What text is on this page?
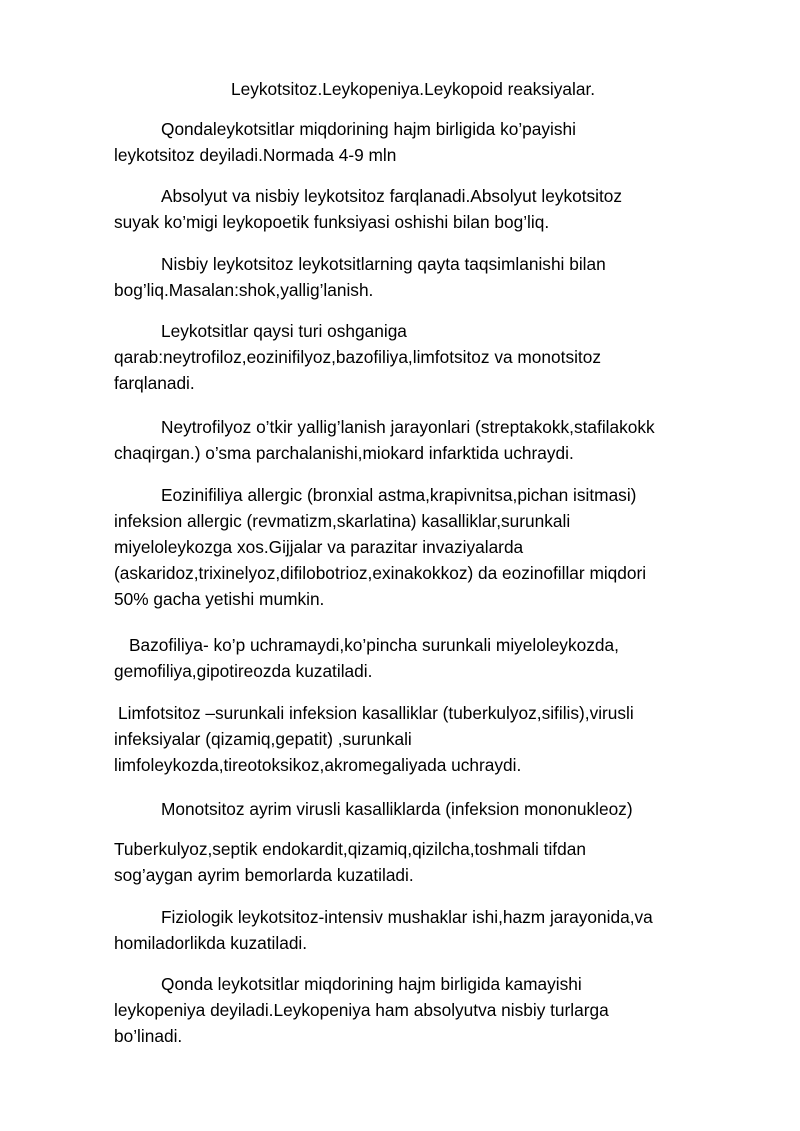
Leykotsitoz.Leykopeniya.Leykopoid reaksiyalar.
Qondaleykotsitlar miqdorining hajm birligida ko’payishi
leykotsitoz deyiladi.Normada 4-9 mln
Absolyut va nisbiy leykotsitoz farqlanadi.Absolyut leykotsitoz
suyak ko’migi leykopoetik funksiyasi oshishi bilan bog’liq.
Nisbiy leykotsitoz leykotsitlarning qayta taqsimlanishi bilan
bog’liq.Masalan:shok,yallig’lanish.
Leykotsitlar qaysi turi oshganiga
qarab:neytrofiloz,eozinifilyoz,bazofiliya,limfotsitoz va monotsitoz
farqlanadi.
Neytrofilyoz o’tkir yallig’lanish jarayonlari (streptakokk,stafilakokk
chaqirgan.) o’sma parchalanishi,miokard infarktida uchraydi.
Eozinifiliya allergic (bronxial astma,krapivnitsa,pichan isitmasi)
infeksion allergic (revmatizm,skarlatina) kasalliklar,surunkali
miyeloleykozga xos.Gijjalar va parazitar invaziyalarda
(askaridoz,trixinelyoz,difilobotrioz,exinakokkoz) da eozinofillar miqdori
50% gacha yetishi mumkin.
Bazofiliya- ko’p uchramaydi,ko’pincha surunkali miyeloleykozda,
gemofiliya,gipotireozda kuzatiladi.
Limfotsitoz –surunkali infeksion kasalliklar (tuberkulyoz,sifilis),virusli
infeksiyalar (qizamiq,gepatit) ,surunkali
limfoleykozda,tireotoksikoz,akromegaliyada uchraydi.
Monotsitoz ayrim virusli kasalliklarda (infeksion mononukleoz)
Tuberkulyoz,septik endokardit,qizamiq,qizilcha,toshmali tifdan
sog’aygan ayrim bemorlarda kuzatiladi.
Fiziologik leykotsitoz-intensiv mushaklar ishi,hazm jarayonida,va
homiladorlikda kuzatiladi.
Qonda leykotsitlar miqdorining hajm birligida kamayishi
leykopeniya deyiladi.Leykopeniya ham absolyutva nisbiy turlarga
bo’linadi.
